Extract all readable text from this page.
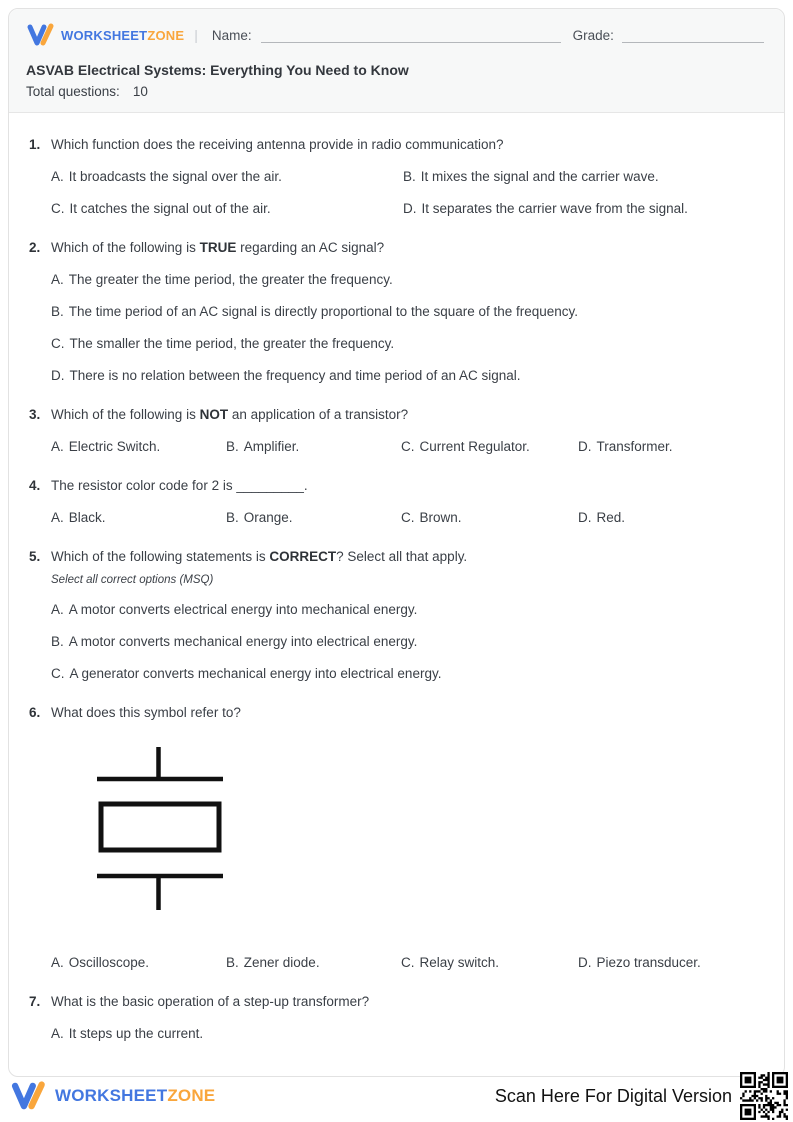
WORKSHEETZONE | Name:	Grade:
ASVAB Electrical Systems: Everything You Need to Know
Total questions: 10
1. Which function does the receiving antenna provide in radio communication?
A. It broadcasts the signal over the air.	B. It mixes the signal and the carrier wave.
C. It catches the signal out of the air.	D. It separates the carrier wave from the signal.
2. Which of the following is TRUE regarding an AC signal?
A. The greater the time period, the greater the frequency.
B. The time period of an AC signal is directly proportional to the square of the frequency.
C. The smaller the time period, the greater the frequency.
D. There is no relation between the frequency and time period of an AC signal.
3. Which of the following is NOT an application of a transistor?
A. Electric Switch.	B. Amplifier.	C. Current Regulator.	D. Transformer.
4. The resistor color code for 2 is _________.
A. Black.	B. Orange.	C. Brown.	D. Red.
5. Which of the following statements is CORRECT? Select all that apply.
Select all correct options (MSQ)
A. A motor converts electrical energy into mechanical energy.
B. A motor converts mechanical energy into electrical energy.
C. A generator converts mechanical energy into electrical energy.
6. What does this symbol refer to?
A. Oscilloscope.	B. Zener diode.	C. Relay switch.	D. Piezo transducer.
7. What is the basic operation of a step-up transformer?
A. It steps up the current.
WORKSHEETZONE	Scan Here For Digital Version
